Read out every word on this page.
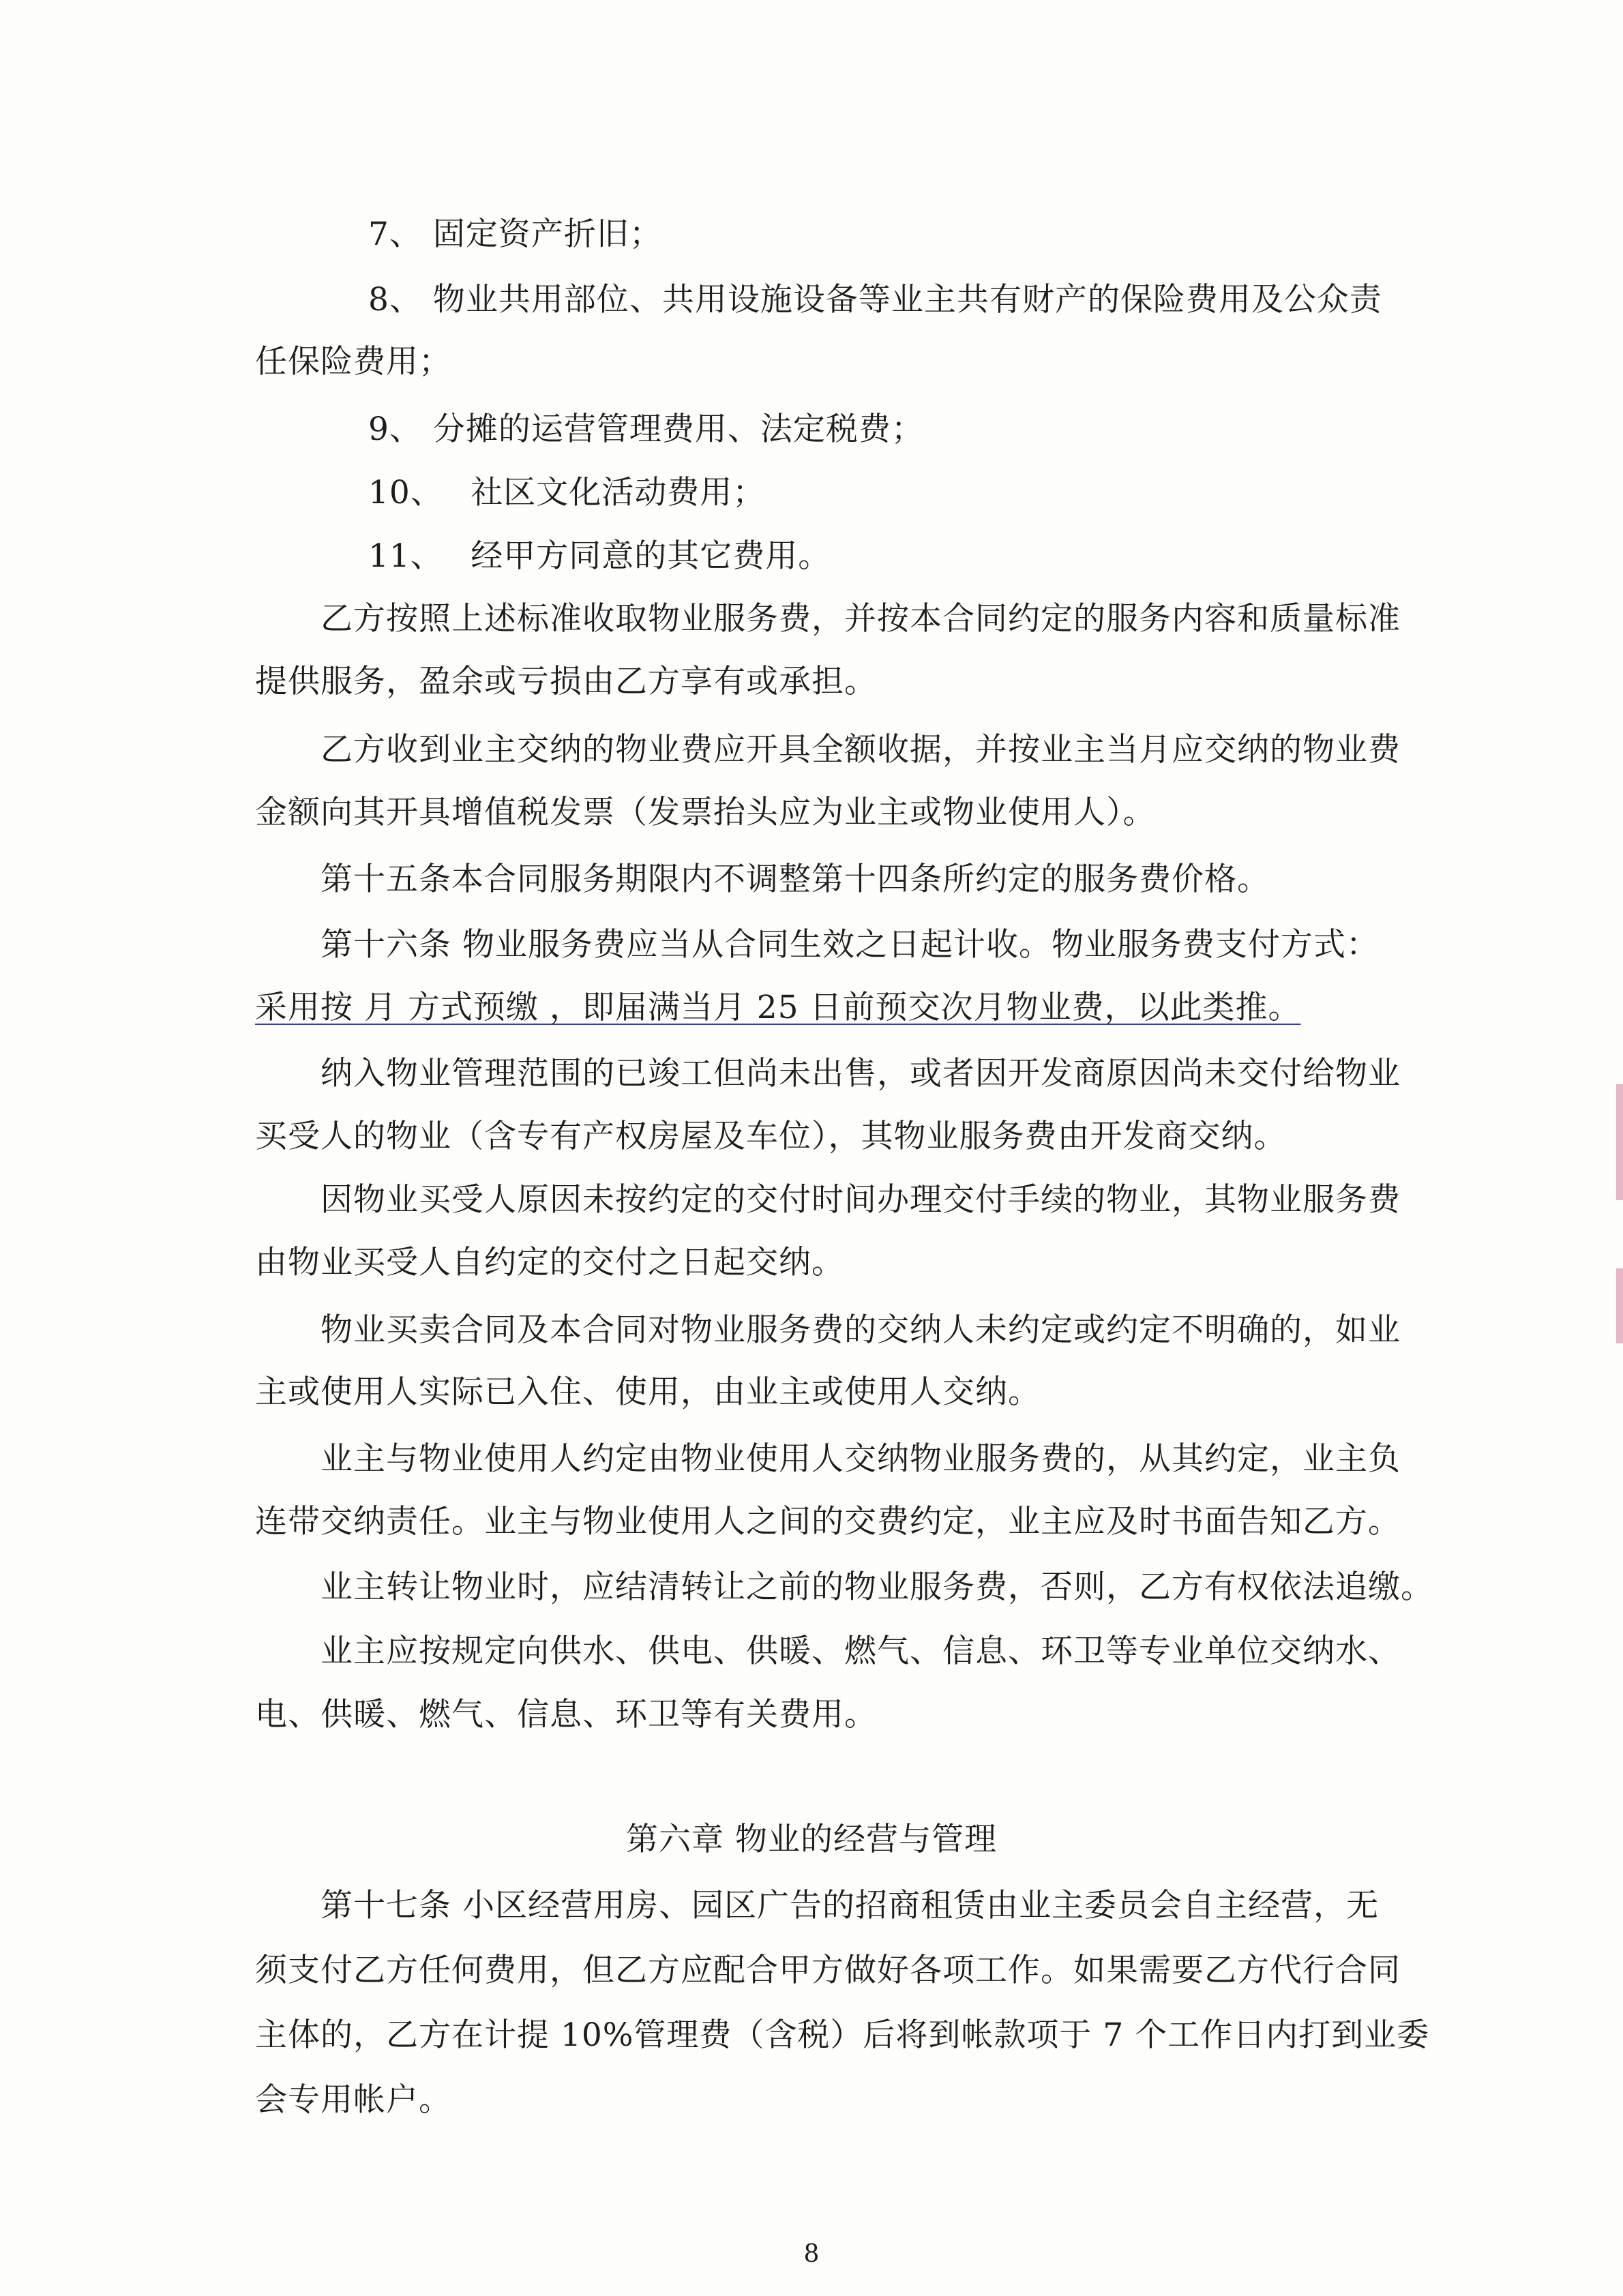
7、 固定资产折旧；
8、 物业共用部位、共用设施设备等业主共有财产的保险费用及公众责
任保险费用；
9、 分摊的运营管理费用、法定税费；
10、　 社区文化活动费用；
11、　 经甲方同意的其它费用。
乙方按照上述标准收取物业服务费，并按本合同约定的服务内容和质量标准
提供服务，盈余或亏损由乙方享有或承担。
乙方收到业主交纳的物业费应开具全额收据，并按业主当月应交纳的物业费
金额向其开具增值税发票（发票抬头应为业主或物业使用人）。
第十五条本合同服务期限内不调整第十四条所约定的服务费价格。
第十六条 物业服务费应当从合同生效之日起计收。物业服务费支付方式：
采用按 月 方式预缴 ，即届满当月 25 日前预交次月物业费，以此类推。
纳入物业管理范围的已竣工但尚未出售，或者因开发商原因尚未交付给物业
买受人的物业（含专有产权房屋及车位），其物业服务费由开发商交纳。
因物业买受人原因未按约定的交付时间办理交付手续的物业，其物业服务费
由物业买受人自约定的交付之日起交纳。
物业买卖合同及本合同对物业服务费的交纳人未约定或约定不明确的，如业
主或使用人实际已入住、使用，由业主或使用人交纳。
业主与物业使用人约定由物业使用人交纳物业服务费的，从其约定，业主负
连带交纳责任。业主与物业使用人之间的交费约定，业主应及时书面告知乙方。
业主转让物业时，应结清转让之前的物业服务费，否则，乙方有权依法追缴。
业主应按规定向供水、供电、供暖、燃气、信息、环卫等专业单位交纳水、
电、供暖、燃气、信息、环卫等有关费用。
第六章 物业的经营与管理
第十七条 小区经营用房、园区广告的招商租赁由业主委员会自主经营，无
须支付乙方任何费用，但乙方应配合甲方做好各项工作。如果需要乙方代行合同
主体的，乙方在计提 10%管理费（含税）后将到帐款项于 7 个工作日内打到业委
会专用帐户。
8
